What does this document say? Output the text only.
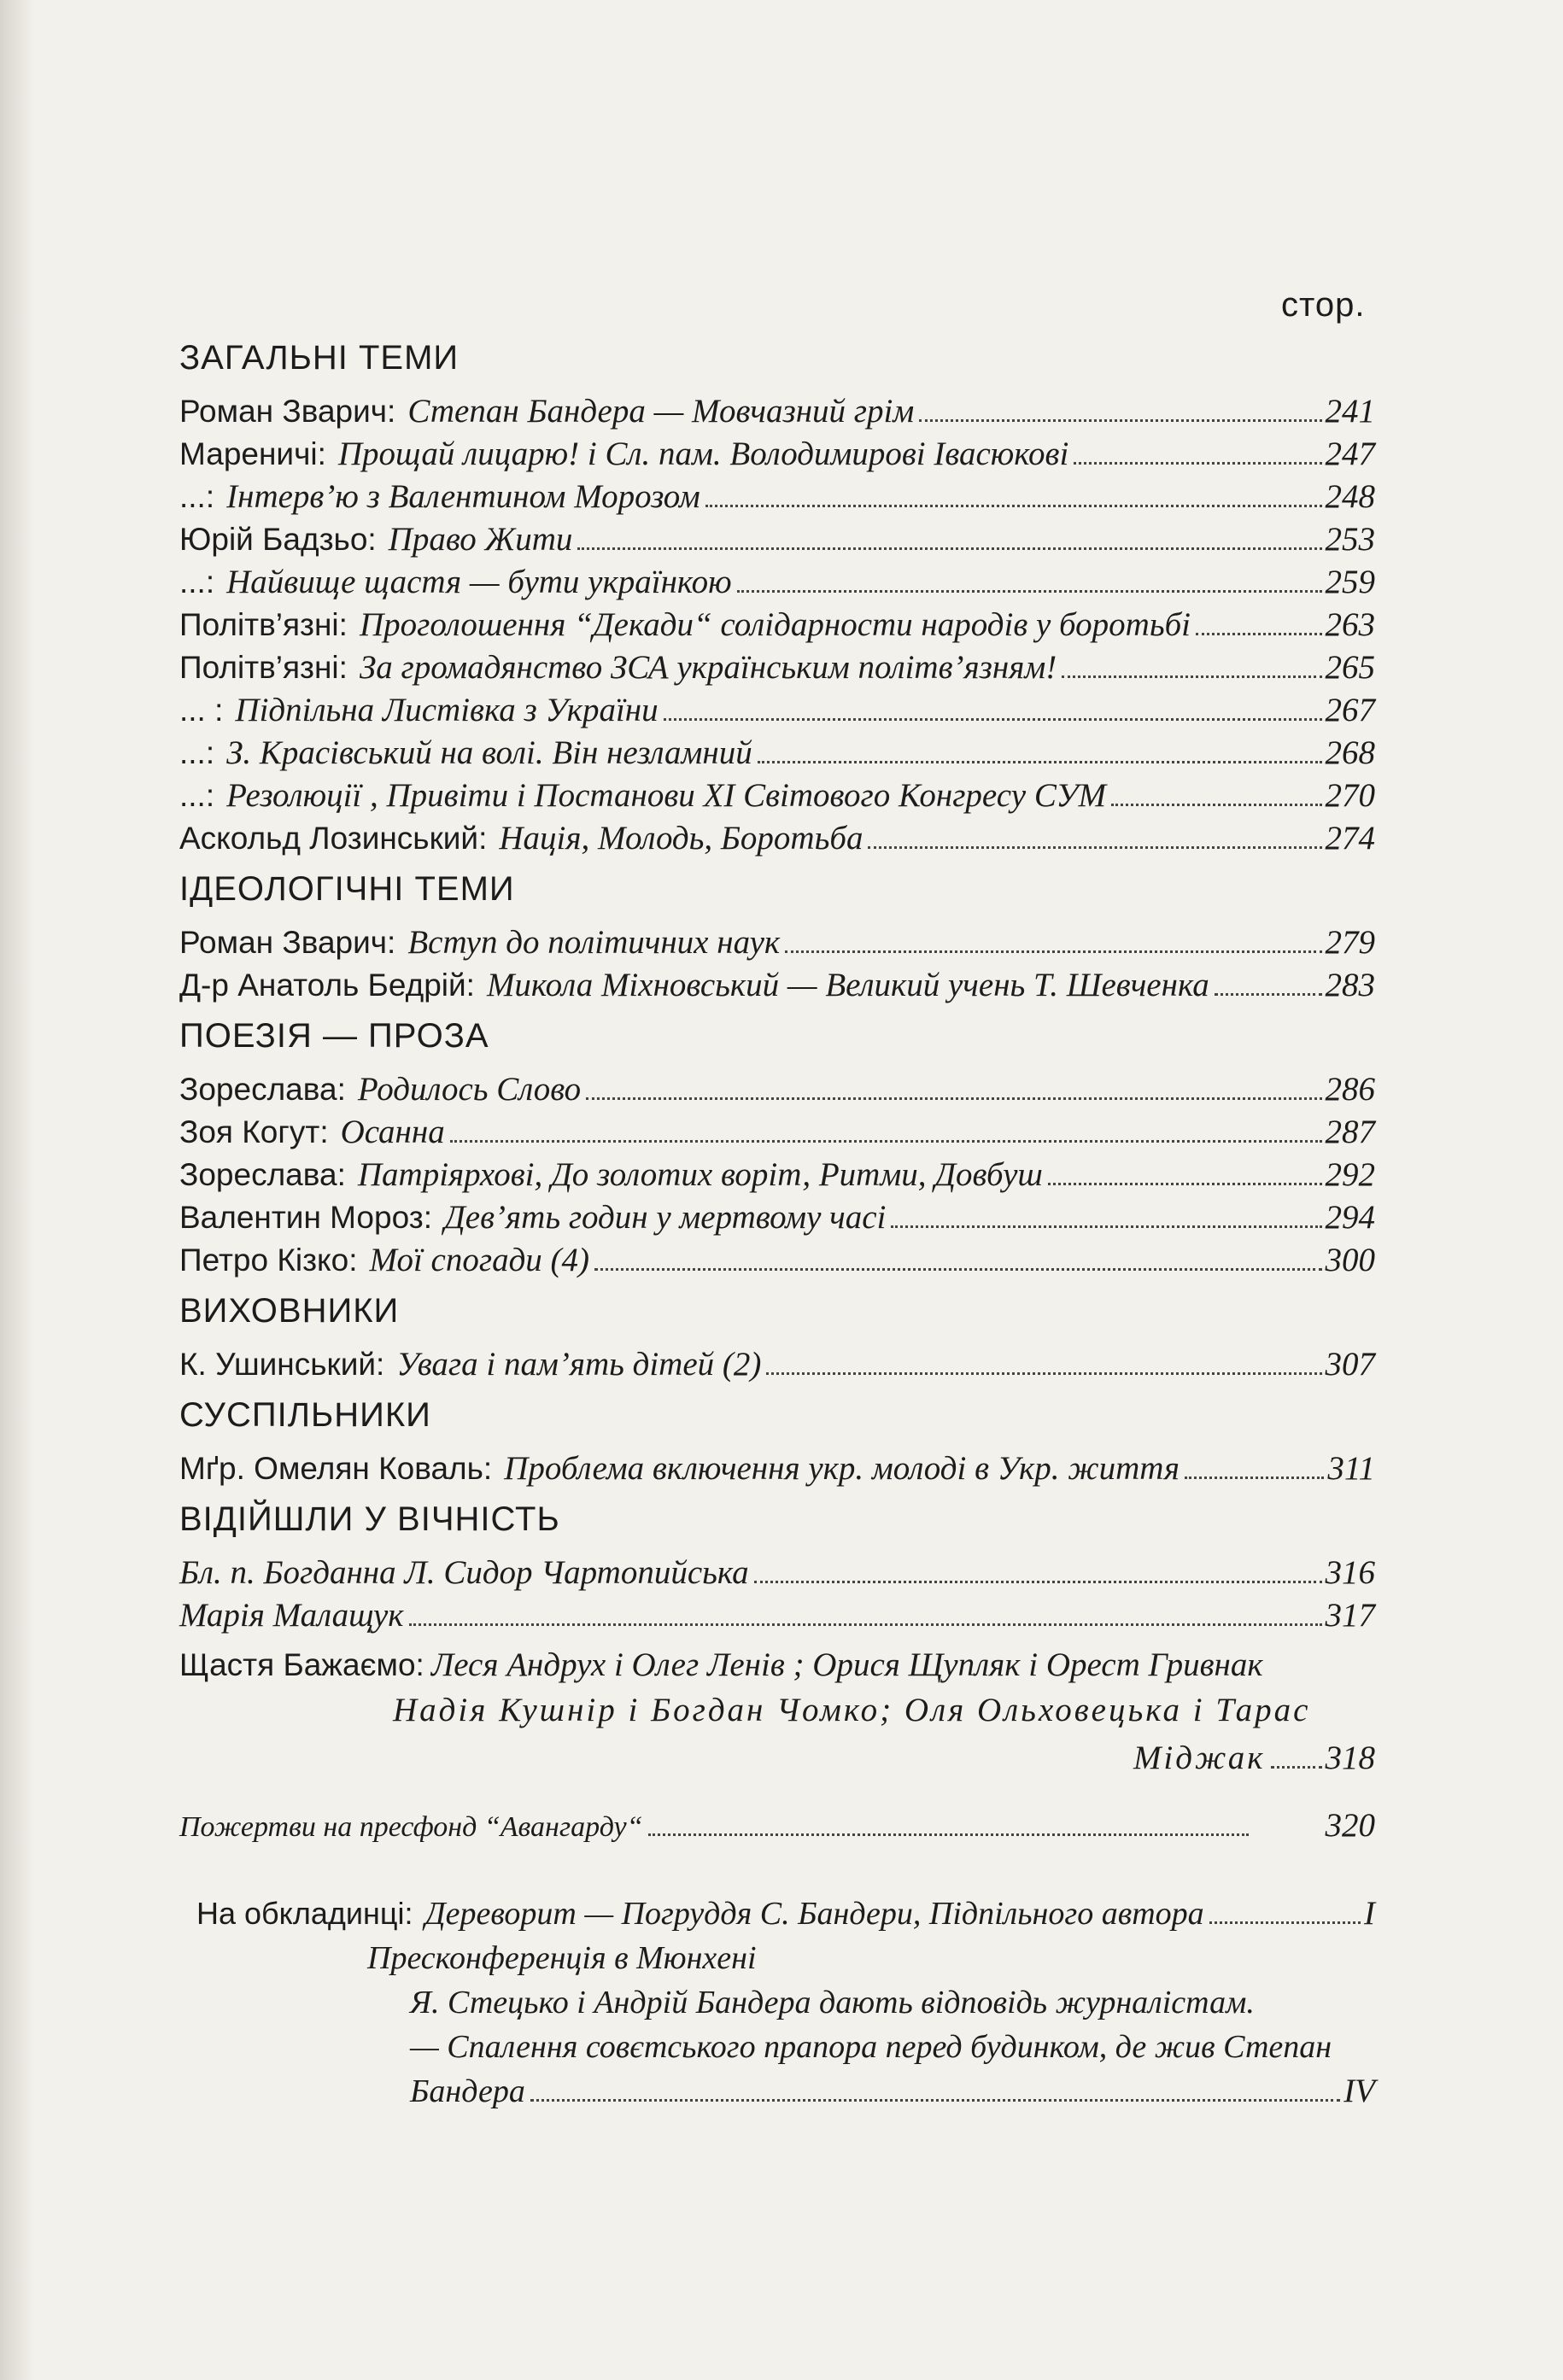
стор.
ЗАГАЛЬНІ ТЕМИ
Роман Зварич: Степан Бандера — Мовчазний грім	241
Мареничі: Прощай лицарю! і Сл. пам. Володимирові Івасюкові	247
...: Інтерв’ю з Валентином Морозом	248
Юрій Бадзьо: Право Жити	253
...: Найвище щастя — бути українкою	259
Політв’язні: Проголошення “Декади“ солідарности народів у боротьбі	263
Політв’язні: За громадянство ЗСА українським політв’язням!	265
... : Підпільна Листівка з України	267
...: З. Красівський на волі. Він незламний	268
...: Резолюції , Привіти і Постанови XI Світового Конгресу СУМ	270
Аскольд Лозинський: Нація, Молодь, Боротьба	274
ІДЕОЛОГІЧНІ ТЕМИ
Роман Зварич: Вступ до політичних наук	279
Д-р Анатоль Бедрій: Микола Міхновський — Великий учень Т. Шевченка	283
ПОЕЗІЯ — ПРОЗА
Зореслава: Родилось Слово	286
Зоя Когут: Осанна	287
Зореслава: Патріярхові, До золотих воріт, Ритми, Довбуш	292
Валентин Мороз: Дев’ять годин у мертвому часі	294
Петро Кізко: Мої спогади (4)	300
ВИХОВНИКИ
К. Ушинський: Увага і пам’ять дітей (2)	307
СУСПІЛЬНИКИ
Мґр. Омелян Коваль: Проблема включення укр. молоді в Укр. життя	311
ВІДІЙШЛИ У ВІЧНІСТЬ
Бл. п. Богданна Л. Сидор Чартопийська	316
Марія Малащук	317
Щастя Бажаємо: Леся Андрух і Олег Ленів ; Орися Щупляк і Орест Гривнак
Надія Кушнір і Богдан Чомко; Оля Ольховецька і Тарас
Міджак 318
Пожертви на пресфонд “Авангарду“	320
На обкладинці: Дереворит — Погруддя С. Бандери, Підпільного автора	I
Пресконференція в Мюнхені
Я. Стецько і Андрій Бандера дають відповідь журналістам.
— Спалення совєтського прапора перед будинком, де жив Степан
Бандера	IV
